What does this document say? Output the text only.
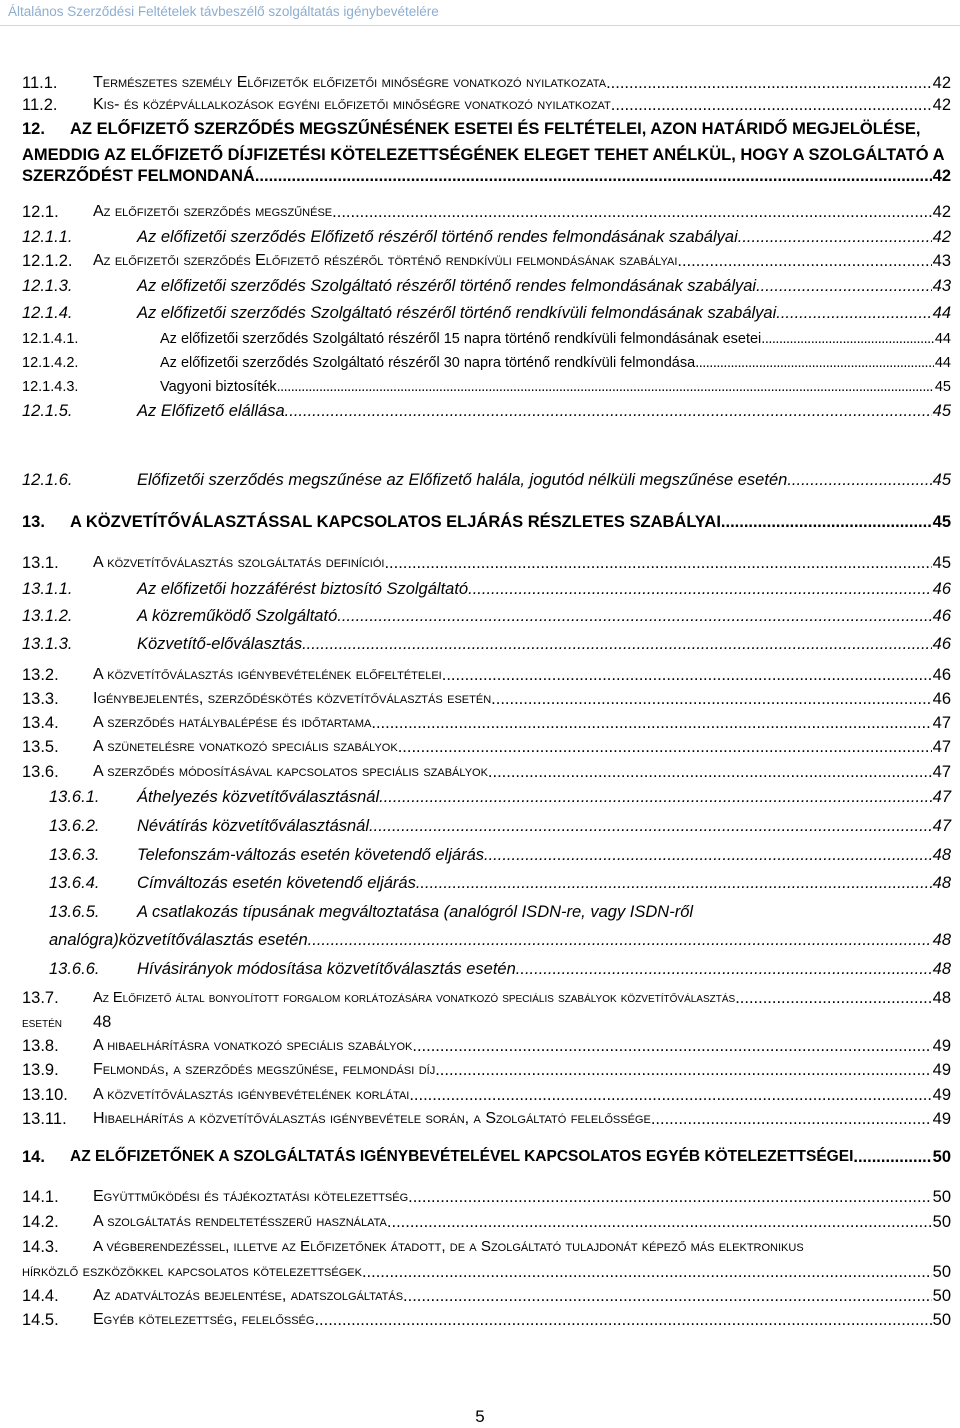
Általános Szerződési Feltételek távbeszélő szolgáltatás igénybevételére
11.1. Természetes személy Előfizetők előfizetői minőségre vonatkozó nyilatkozata .....	42
11.2. Kis- és középvállalkozások egyéni előfizetői minőségre vonatkozó nyilatkozat .....	42
12. AZ ELŐFIZETŐ SZERZŐDÉS MEGSZŰNÉSÉNEK ESETEI ÉS FELTÉTELEI, AZON HATÁRIDŐ MEGJELÖLÉSE,
AMEDDIG AZ ELŐFIZETŐ DÍJFIZETÉSI KÖTELEZETTSÉGÉNEK ELEGET TEHET ANÉLKÜL, HOGY A SZOLGÁLTATÓ A
SZERZŐDÉST FELMONDANÁ .....	42
12.1. Az előfizetői szerződés megszűnése .....	42
12.1.1.	Az előfizetői szerződés Előfizető részéről történő rendes felmondásának szabályai .....	42
12.1.2. Az előfizetői szerződés Előfizető részéről történő rendkívüli felmondásának szabályai .....	43
12.1.3.	Az előfizetői szerződés Szolgáltató részéről történő rendes felmondásának szabályai .....	43
12.1.4.	Az előfizetői szerződés Szolgáltató részéről történő rendkívüli felmondásának szabályai .....	44
12.1.4.1.	Az előfizetői szerződés Szolgáltató részéről 15 napra történő rendkívüli felmondásának esetei .....	44
12.1.4.2.	Az előfizetői szerződés Szolgáltató részéről 30 napra történő rendkívüli felmondása .....	44
12.1.4.3.	Vagyoni biztosíték .....	45
12.1.5.	Az Előfizető elállása .....	45
12.1.6.	Előfizetői szerződés megszűnése az Előfizető halála, jogutód nélküli megszűnése esetén .....	45
13. A KÖZVETÍTŐVÁLASZTÁSSAL KAPCSOLATOS ELJÁRÁS RÉSZLETES SZABÁLYAI .....	45
13.1. A közvetítőválasztás szolgáltatás definíciói .....	45
13.1.1.	Az előfizetői hozzáférést biztosító Szolgáltató .....	46
13.1.2.	A közreműködő Szolgáltató .....	46
13.1.3.	Közvetítő-előválasztás .....	46
13.2. A közvetítőválasztás igénybevételének előfeltételei .....	46
13.3. Igénybejelentés, szerződéskötés közvetítőválasztás esetén .....	46
13.4. A szerződés hatálybalépése és időtartama .....	47
13.5. A szünetelésre vonatkozó speciális szabályok .....	47
13.6. A szerződés módosításával kapcsolatos speciális szabályok .....	47
13.6.1. Áthelyezés közvetítőválasztásnál .....	47
13.6.2. Névátírás közvetítőválasztásnál .....	47
13.6.3. Telefonszám-változás esetén követendő eljárás .....	48
13.6.4. Címváltozás esetén követendő eljárás .....	48
13.6.5. A csatlakozás típusának megváltoztatása (analógról ISDN-re, vagy ISDN-ről
analógra)közvetítőválasztás esetén .....	48
13.6.6. Hívásirányok módosítása közvetítőválasztás esetén .....	48
13.7. Az Előfizető által bonyolított forgalom korlátozására vonatkozó speciális szabályok közvetítőválasztás .....	48
esetén 48
13.8. A hibaelhárításra vonatkozó speciális szabályok .....	49
13.9. Felmondás, a szerződés megszűnése, felmondási díj .....	49
13.10. A közvetítőválasztás igénybevételének korlátai .....	49
13.11. Hibaelhárítás a közvetítőválasztás igénybevétele során, a Szolgáltató felelőssége .....	49
14. AZ ELŐFIZETŐNEK A SZOLGÁLTATÁS IGÉNYBEVÉTELÉVEL KAPCSOLATOS EGYÉB KÖTELEZETTSÉGEI .....	50
14.1. Együttműködési és tájékoztatási kötelezettség .....	50
14.2. A szolgáltatás rendeltetésszerű használata .....	50
14.3. A végberendezéssel, illetve az Előfizetőnek átadott, de a Szolgáltató tulajdonát képező más elektronikus
hírközlő eszközökkel kapcsolatos kötelezettségek .....	50
14.4. Az adatváltozás bejelentése, adatszolgáltatás .....	50
14.5. Egyéb kötelezettség, felelősség .....	50
5
